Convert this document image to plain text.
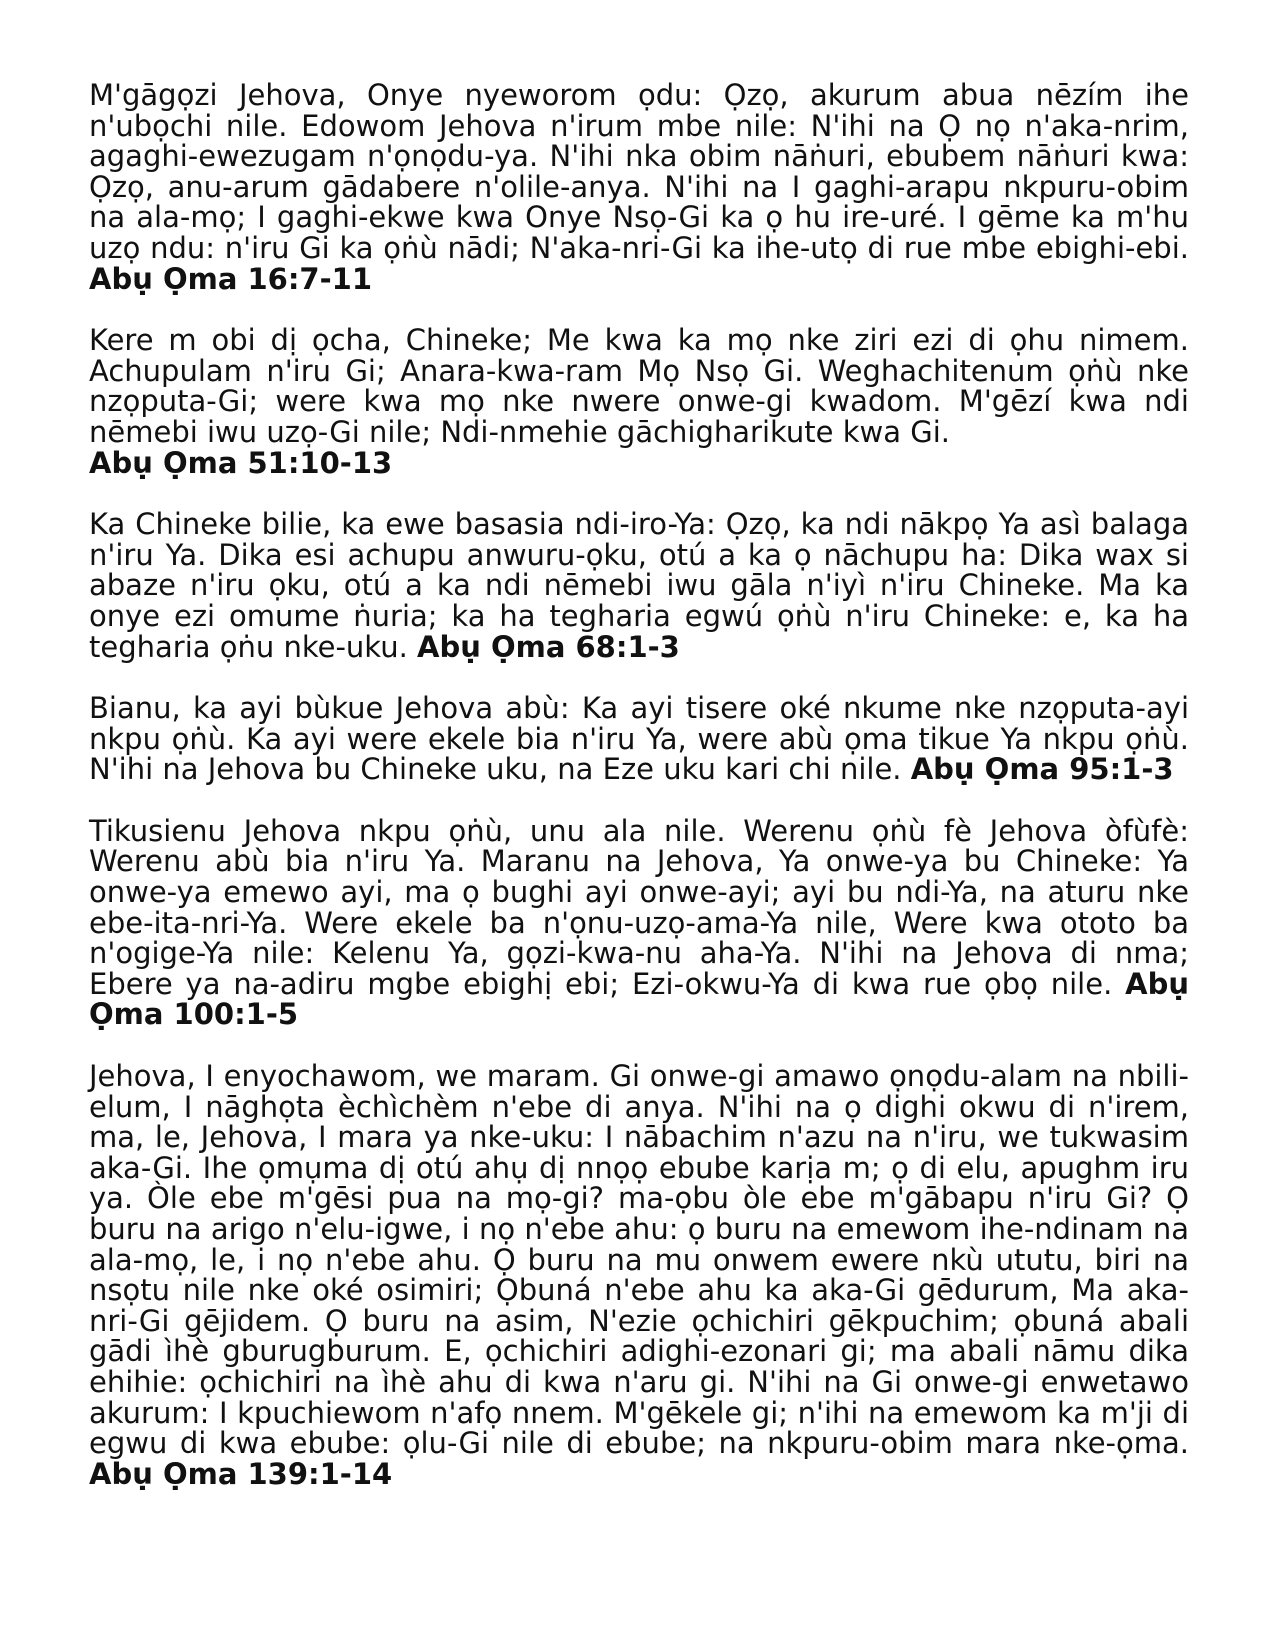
M'gāgọzi Jehova, Onye nyeworom ọdu: Ọzọ, akurum abua nēzím ihe n'ubọchi nile. Edowom Jehova n'irum mbe nile: N'ihi na Ọ nọ n'aka-nrim, agaghi-ewezugam n'ọnọdu-ya. N'ihi nka obim nāṅuri, ebubem nāṅuri kwa: Ọzọ, anu-arum gādabere n'olile-anya. N'ihi na I gaghi-arapu nkpuru-obim na ala-mọ; I gaghi-ekwe kwa Onye Nsọ-Gi ka ọ hu ire-uré. I gēme ka m'hu uzọ ndu: n'iru Gi ka ọṅù nādi; N'aka-nri-Gi ka ihe-utọ di rue mbe ebighi-ebi. Abụ Ọma 16:7-11

Kere m obi dị ọcha, Chineke; Me kwa ka mọ nke ziri ezi di ọhu nimem. Achupulam n'iru Gi; Anara-kwa-ram Mọ Nsọ Gi. Weghachitenum ọṅù nke nzọputa-Gi; were kwa mọ nke nwere onwe-gi kwadom. M'gēzí kwa ndi nēmebi iwu uzọ-Gi nile; Ndi-nmehie gāchigharikute kwa Gi.
Abụ Ọma 51:10-13

Ka Chineke bilie, ka ewe basasia ndi-iro-Ya: Ọzọ, ka ndi nākpọ Ya asì balaga n'iru Ya. Dika esi achupu anwuru-ọku, otú a ka ọ nāchupu ha: Dika wax si abaze n'iru ọku, otú a ka ndi nēmebi iwu gāla n'iyì n'iru Chineke. Ma ka onye ezi omume ṅuria; ka ha tegharia egwú ọṅù n'iru Chineke: e, ka ha tegharia ọṅu nke-uku. Abụ Ọma 68:1-3

Bianu, ka ayi bùkue Jehova abù: Ka ayi tisere oké nkume nke nzọputa-ayi nkpu ọṅù. Ka ayi were ekele bia n'iru Ya, were abù ọma tikue Ya nkpu ọṅù. N'ihi na Jehova bu Chineke uku, na Eze uku kari chi nile. Abụ Ọma 95:1-3

Tikusienu Jehova nkpu ọṅù, unu ala nile. Werenu ọṅù fè Jehova òfùfè: Werenu abù bia n'iru Ya. Maranu na Jehova, Ya onwe-ya bu Chineke: Ya onwe-ya emewo ayi, ma ọ bughi ayi onwe-ayi; ayi bu ndi-Ya, na aturu nke ebe-ita-nri-Ya. Were ekele ba n'ọnu-uzọ-ama-Ya nile, Were kwa ototo ba n'ogige-Ya nile: Kelenu Ya, gọzi-kwa-nu aha-Ya. N'ihi na Jehova di nma; Ebere ya na-adiru mgbe ebighị ebi; Ezi-okwu-Ya di kwa rue ọbọ nile. Abụ Ọma 100:1-5

Jehova, I enyochawom, we maram. Gi onwe-gi amawo ọnọdu-alam na nbili-elum, I nāghọta èchìchèm n'ebe di anya. N'ihi na ọ dighi okwu di n'irem, ma, le, Jehova, I mara ya nke-uku: I nābachim n'azu na n'iru, we tukwasim aka-Gi. Ihe ọmụma dị otú ahụ dị nnọọ ebube karịa m; ọ di elu, apughm iru ya. Òle ebe m'gēsi pua na mọ-gi? ma-ọbu òle ebe m'gābapu n'iru Gi? Ọ buru na arigo n'elu-igwe, i nọ n'ebe ahu: ọ buru na emewom ihe-ndinam na ala-mọ, le, i nọ n'ebe ahu. Ọ buru na mu onwem ewere nkù ututu, biri na nsọtu nile nke oké osimiri; Ọbuná n'ebe ahu ka aka-Gi gēdurum, Ma aka-nri-Gi gējidem. Ọ buru na asim, N'ezie ọchichiri gēkpuchim; ọbuná abali gādi ìhè gburugburum. E, ọchichiri adighi-ezonari gi; ma abali nāmu dika ehihie: ọchichiri na ìhè ahu di kwa n'aru gi. N'ihi na Gi onwe-gi enwetawo akurum: I kpuchiewom n'afọ nnem. M'gēkele gi; n'ihi na emewom ka m'ji di egwu di kwa ebube: ọlu-Gi nile di ebube; na nkpuru-obim mara nke-ọma. Abụ Ọma 139:1-14
